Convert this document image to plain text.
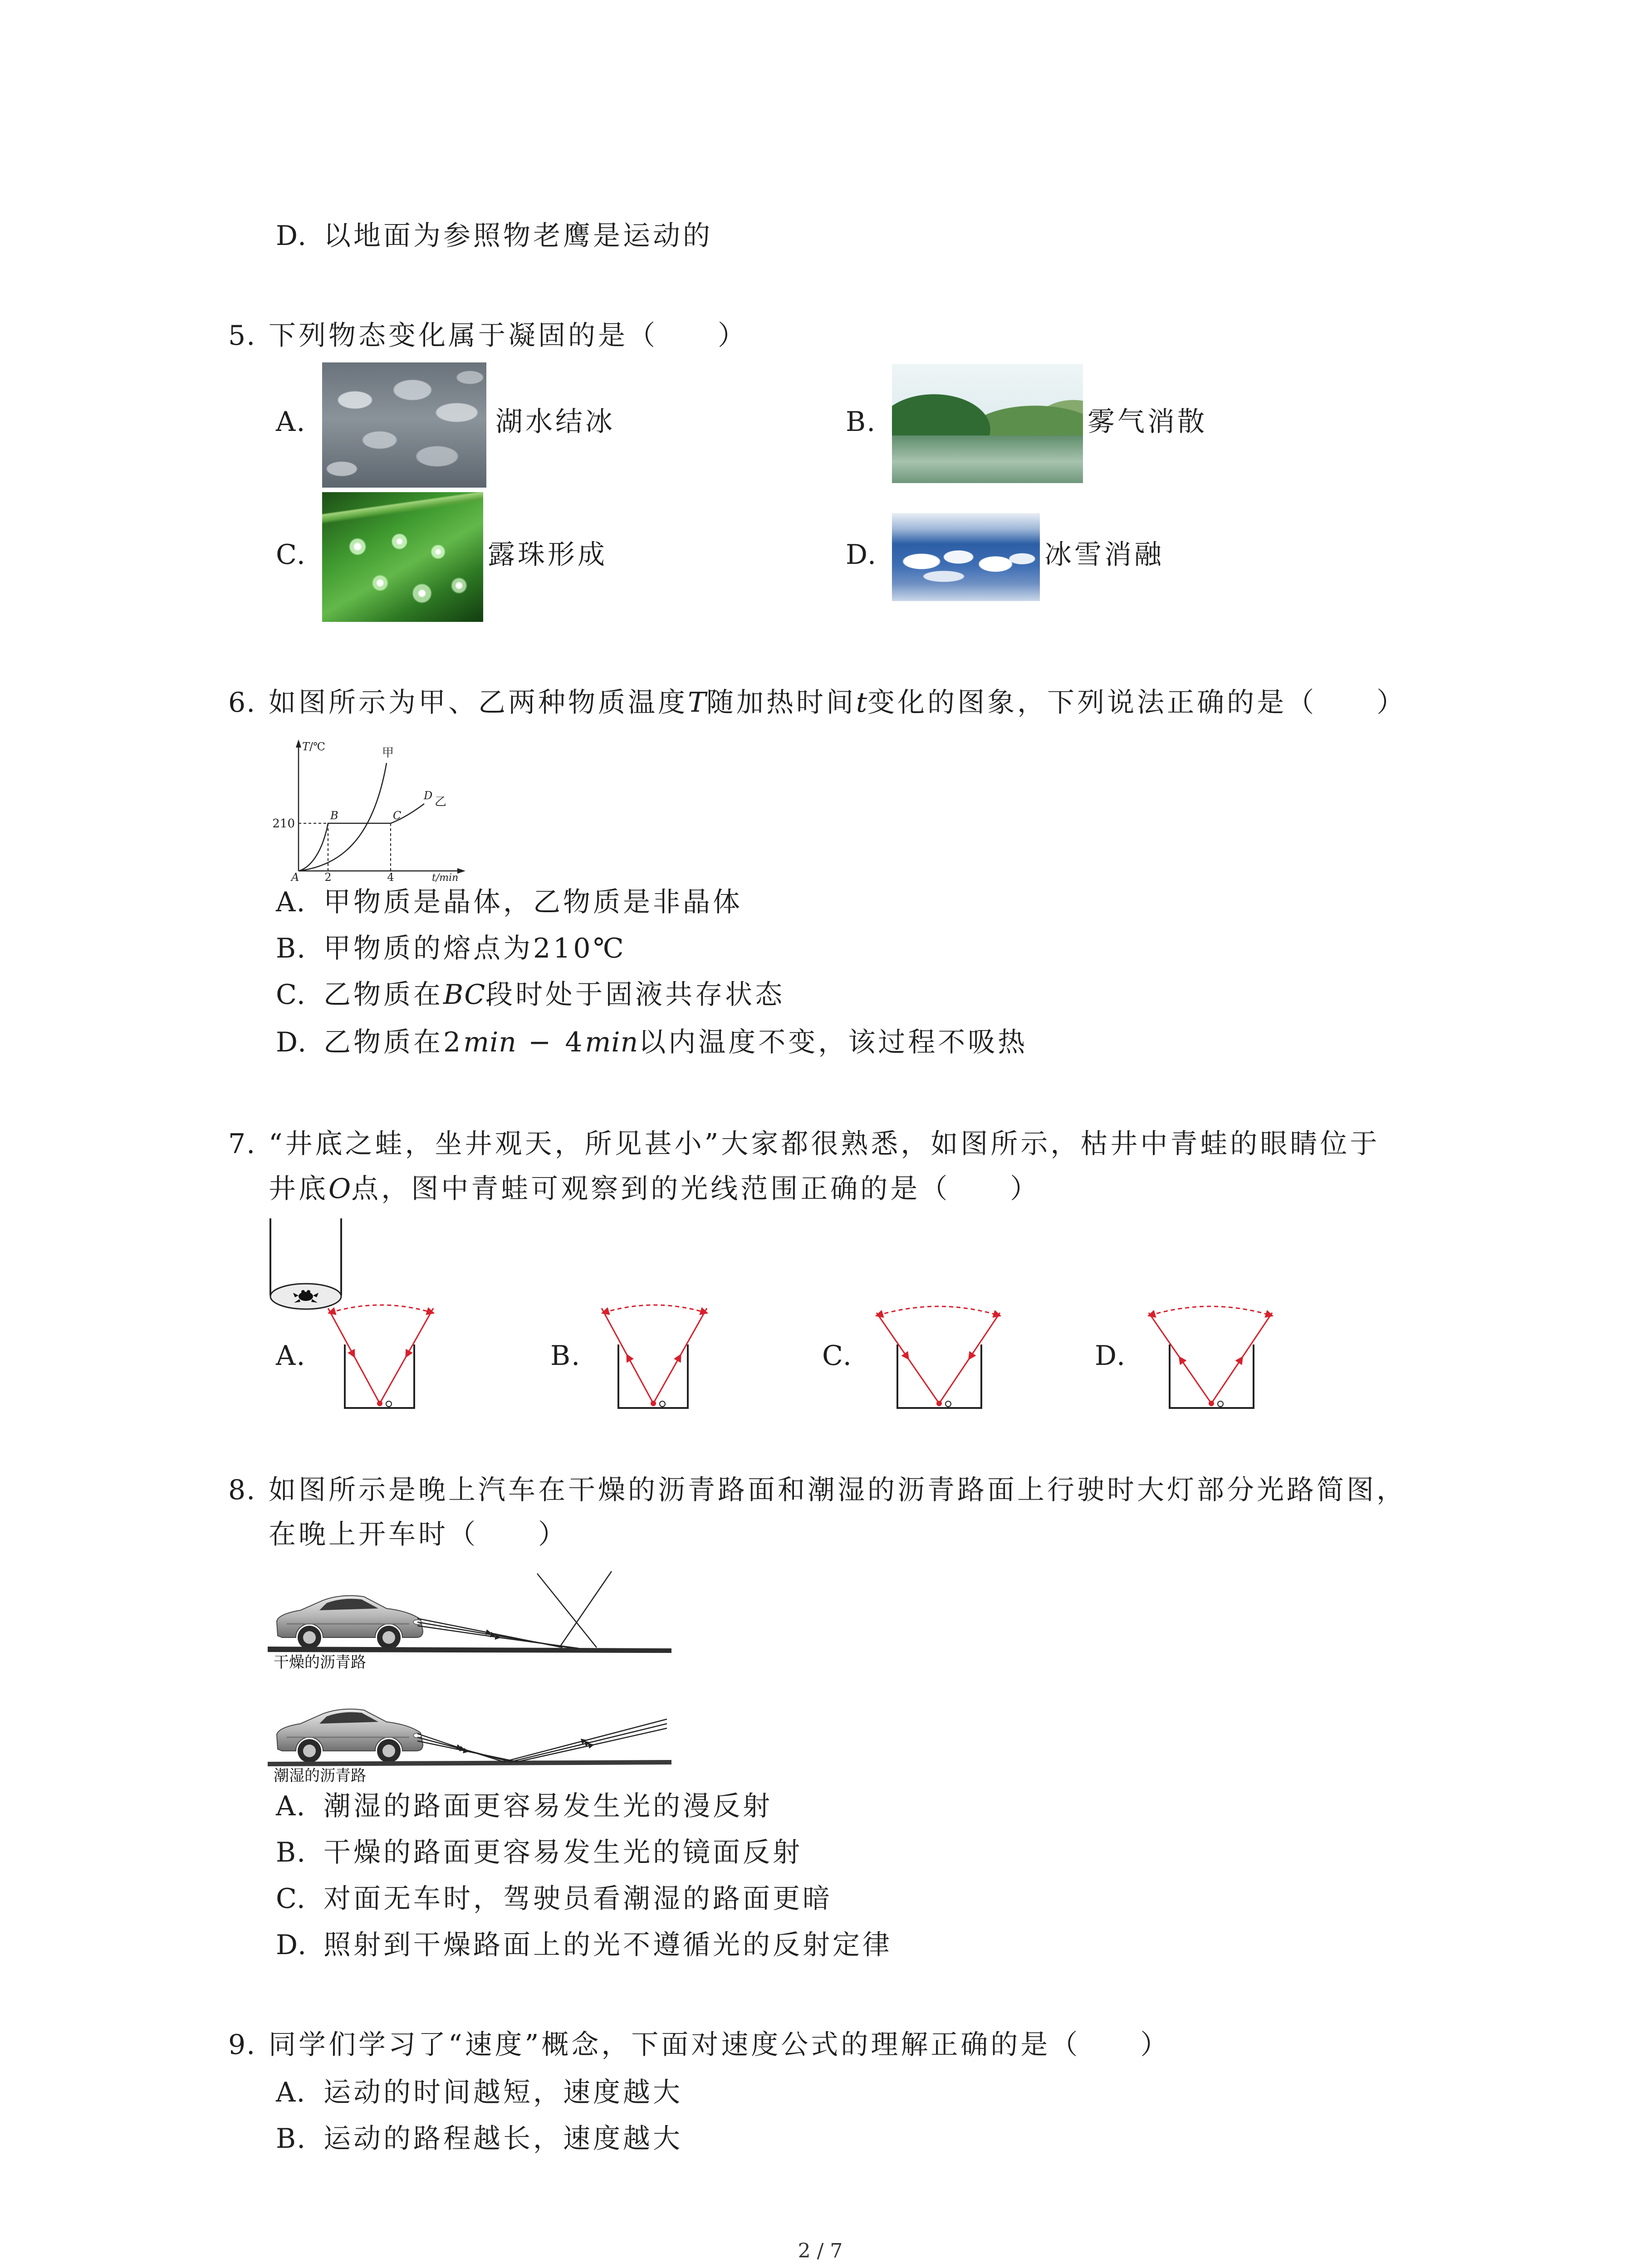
D. 以地面为参照物老鹰是运动的
5. 下列物态变化属于凝固的是（　　）
A.	湖水结冰	B.	雾气消散
C.	露珠形成	D.	冰雪消融
6. 如图所示为甲、乙两种物质温度T随加热时间t变化的图象，下列说法正确的是（　　）
T/℃
210
B	C
D
甲
乙
A 2	4	t/min
A. 甲物质是晶体，乙物质是非晶体
B. 甲物质的熔点为210℃
C. 乙物质在BC段时处于固液共存状态
D. 乙物质在2min − 4min以内温度不变，该过程不吸热
7. “井底之蛙，坐井观天，所见甚小”大家都很熟悉，如图所示，枯井中青蛙的眼睛位于
井底O点，图中青蛙可观察到的光线范围正确的是（　　）
A.	B.	C.	D.
8. 如图所示是晚上汽车在干燥的沥青路面和潮湿的沥青路面上行驶时大灯部分光路简图，
在晚上开车时（　　）
干燥的沥青路
潮湿的沥青路
A. 潮湿的路面更容易发生光的漫反射
B. 干燥的路面更容易发生光的镜面反射
C. 对面无车时，驾驶员看潮湿的路面更暗
D. 照射到干燥路面上的光不遵循光的反射定律
9. 同学们学习了“速度”概念，下面对速度公式的理解正确的是（　　）
A. 运动的时间越短，速度越大
B. 运动的路程越长，速度越大
2 / 7
